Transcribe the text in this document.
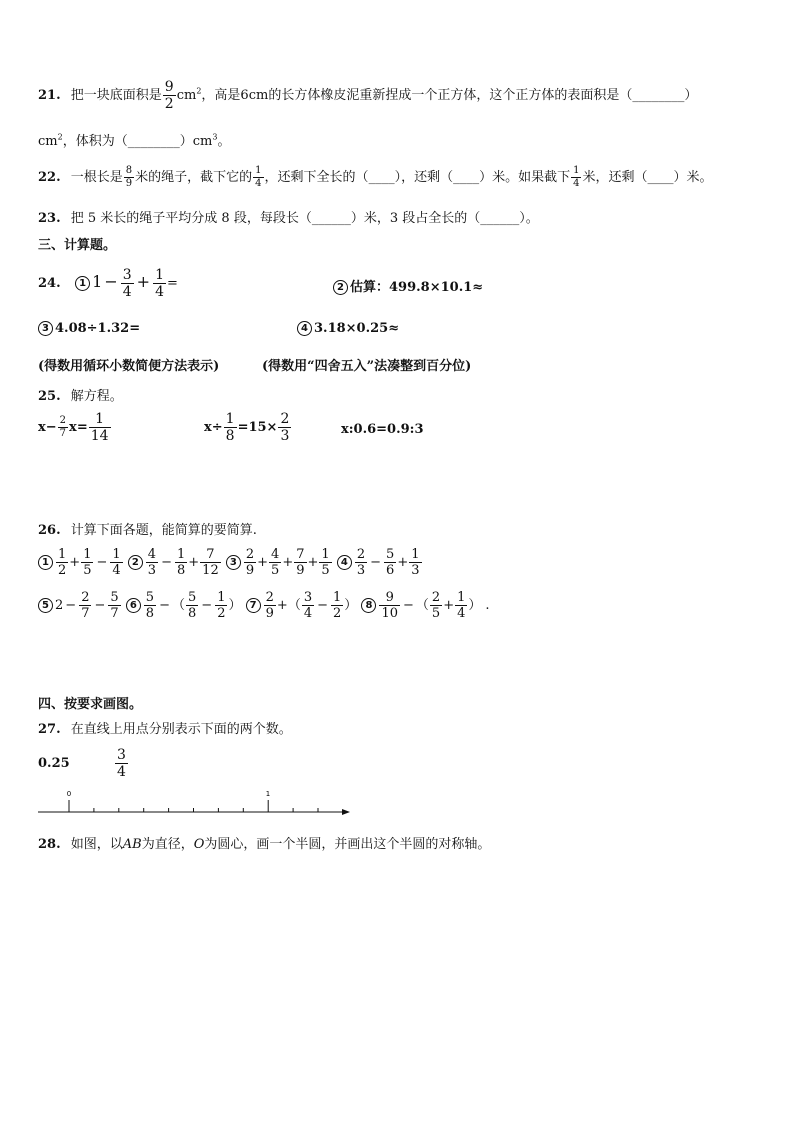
21. 把一块底面积是 $\frac{9}{2} cm^2$，高是6cm的长方体橡皮泥重新捏成一个正方体，这个正方体的表面积是（________）
$cm^2$，体积为$(\_\_\_\_\_\_\_\_)cm^3$。
22. 一根长是 $\frac{8}{9}$ 米的绳子，截下它的 $\frac{1}{4}$ ，还剩下全长的（____），还剩（____）米。如果截下 $\frac{1}{4}$ 米，还剩（____）米。
23. 把 5 米长的绳子平均分成 8 段，每段长（______）米，3 段占全长的（______）。
三、计算题。
24. 1 $1 - \frac{3}{4} + \frac{1}{4}$ =	2 估算：499.8×10.1≈
3 4.08÷1.32=	4 3.18×0.25≈
(得数用循环小数简便方法表示)	(得数用“四舍五入”法凑整到百分位)
25. 解方程。
$x- \frac{2}{7} x= \frac{1}{14}$	$x\div \frac{1}{8} =15\times \frac{2}{3}$	x:0.6=0.9:3
26. 计算下面各题，能简算的要简算.
$1 \frac{1}{2} + \frac{1}{5} - \frac{1}{4} 2 \frac{4}{3} - \frac{1}{8} + \frac{7}{12} 3 \frac{2}{9} + \frac{4}{5} + \frac{7}{9} + \frac{1}{5} 4 \frac{2}{3} - \frac{5}{6} + \frac{1}{3}$
5 $2 - \frac{2}{7} - \frac{5}{7} 6 \frac{5}{8}$ − （ $\frac{5}{8} - \frac{1}{2}$ ） $7 \frac{2}{9}$ +（ $\frac{3}{4} - \frac{1}{2}$ ） $8 \frac{9}{10}$ − （ $\frac{2}{5} + \frac{1}{4}$ ） .
四、按要求画图。
27. 在直线上用点分别表示下面的两个数。
0.25	$\frac{3}{4}$
0	1
28. 如图，以AB为直径，O为圆心，画一个半圆，并画出这个半圆的对称轴。
